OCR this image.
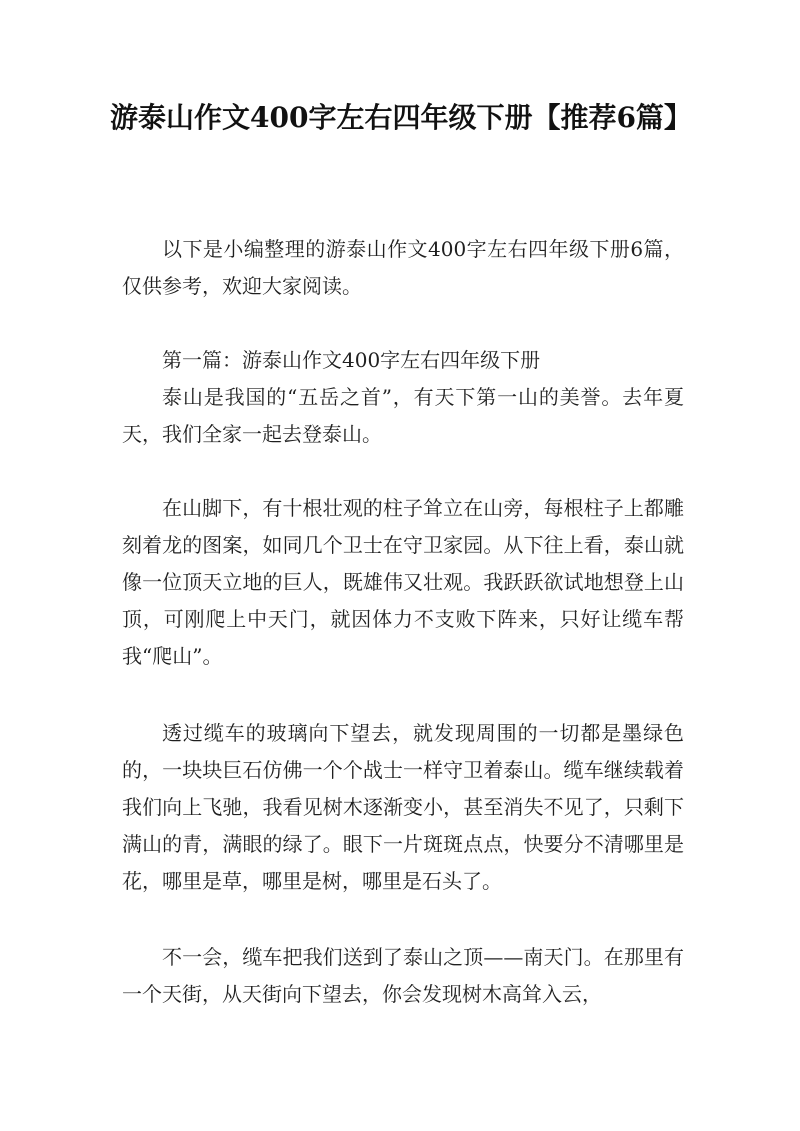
游泰山作文400字左右四年级下册【推荐6篇】

以下是小编整理的游泰山作文400字左右四年级下册6篇，仅供参考，欢迎大家阅读。

第一篇：游泰山作文400字左右四年级下册

泰山是我国的“五岳之首”，有天下第一山的美誉。去年夏天，我们全家一起去登泰山。

在山脚下，有十根壮观的柱子耸立在山旁，每根柱子上都雕刻着龙的图案，如同几个卫士在守卫家园。从下往上看，泰山就像一位顶天立地的巨人，既雄伟又壮观。我跃跃欲试地想登上山顶，可刚爬上中天门，就因体力不支败下阵来，只好让缆车帮我“爬山”。

透过缆车的玻璃向下望去，就发现周围的一切都是墨绿色的，一块块巨石仿佛一个个战士一样守卫着泰山。缆车继续载着我们向上飞驰，我看见树木逐渐变小，甚至消失不见了，只剩下满山的青，满眼的绿了。眼下一片斑斑点点，快要分不清哪里是花，哪里是草，哪里是树，哪里是石头了。

不一会，缆车把我们送到了泰山之顶——南天门。在那里有一个天街，从天街向下望去，你会发现树木高耸入云，
